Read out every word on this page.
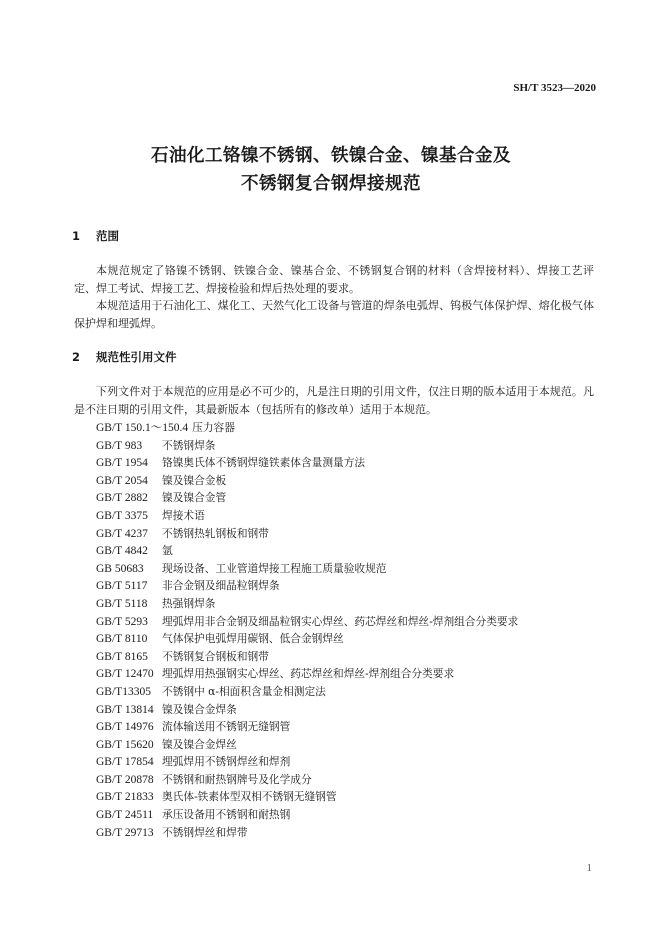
SH/T 3523—2020
石油化工铬镍不锈钢、铁镍合金、镍基合金及
不锈钢复合钢焊接规范
1 范围

本规范规定了铬镍不锈钢、铁镍合金、镍基合金、不锈钢复合钢的材料（含焊接材料）、焊接工艺评定、焊工考试、焊接工艺、焊接检验和焊后热处理的要求。

本规范适用于石油化工、煤化工、天然气化工设备与管道的焊条电弧焊、钨极气体保护焊、熔化极气体保护焊和埋弧焊。

2 规范性引用文件

下列文件对于本规范的应用是必不可少的，凡是注日期的引用文件，仅注日期的版本适用于本规范。凡是不注日期的引用文件，其最新版本（包括所有的修改单）适用于本规范。

GB/T 150.1～150.4 压力容器
GB/T 983 不锈钢焊条
GB/T 1954 铬镍奥氏体不锈钢焊缝铁素体含量测量方法
GB/T 2054 镍及镍合金板
GB/T 2882 镍及镍合金管
GB/T 3375 焊接术语
GB/T 4237 不锈钢热轧钢板和钢带
GB/T 4842 氩
GB 50683 现场设备、工业管道焊接工程施工质量验收规范
GB/T 5117 非合金钢及细晶粒钢焊条
GB/T 5118 热强钢焊条
GB/T 5293 埋弧焊用非合金钢及细晶粒钢实心焊丝、药芯焊丝和焊丝-焊剂组合分类要求
GB/T 8110 气体保护电弧焊用碳钢、低合金钢焊丝
GB/T 8165 不锈钢复合钢板和钢带
GB/T 12470 埋弧焊用热强钢实心焊丝、药芯焊丝和焊丝-焊剂组合分类要求
GB/T13305 不锈钢中 α-相面积含量金相测定法
GB/T 13814 镍及镍合金焊条
GB/T 14976 流体输送用不锈钢无缝钢管
GB/T 15620 镍及镍合金焊丝
GB/T 17854 埋弧焊用不锈钢焊丝和焊剂
GB/T 20878 不锈钢和耐热钢牌号及化学成分
GB/T 21833 奥氏体-铁素体型双相不锈钢无缝钢管
GB/T 24511 承压设备用不锈钢和耐热钢
GB/T 29713 不锈钢焊丝和焊带
1
